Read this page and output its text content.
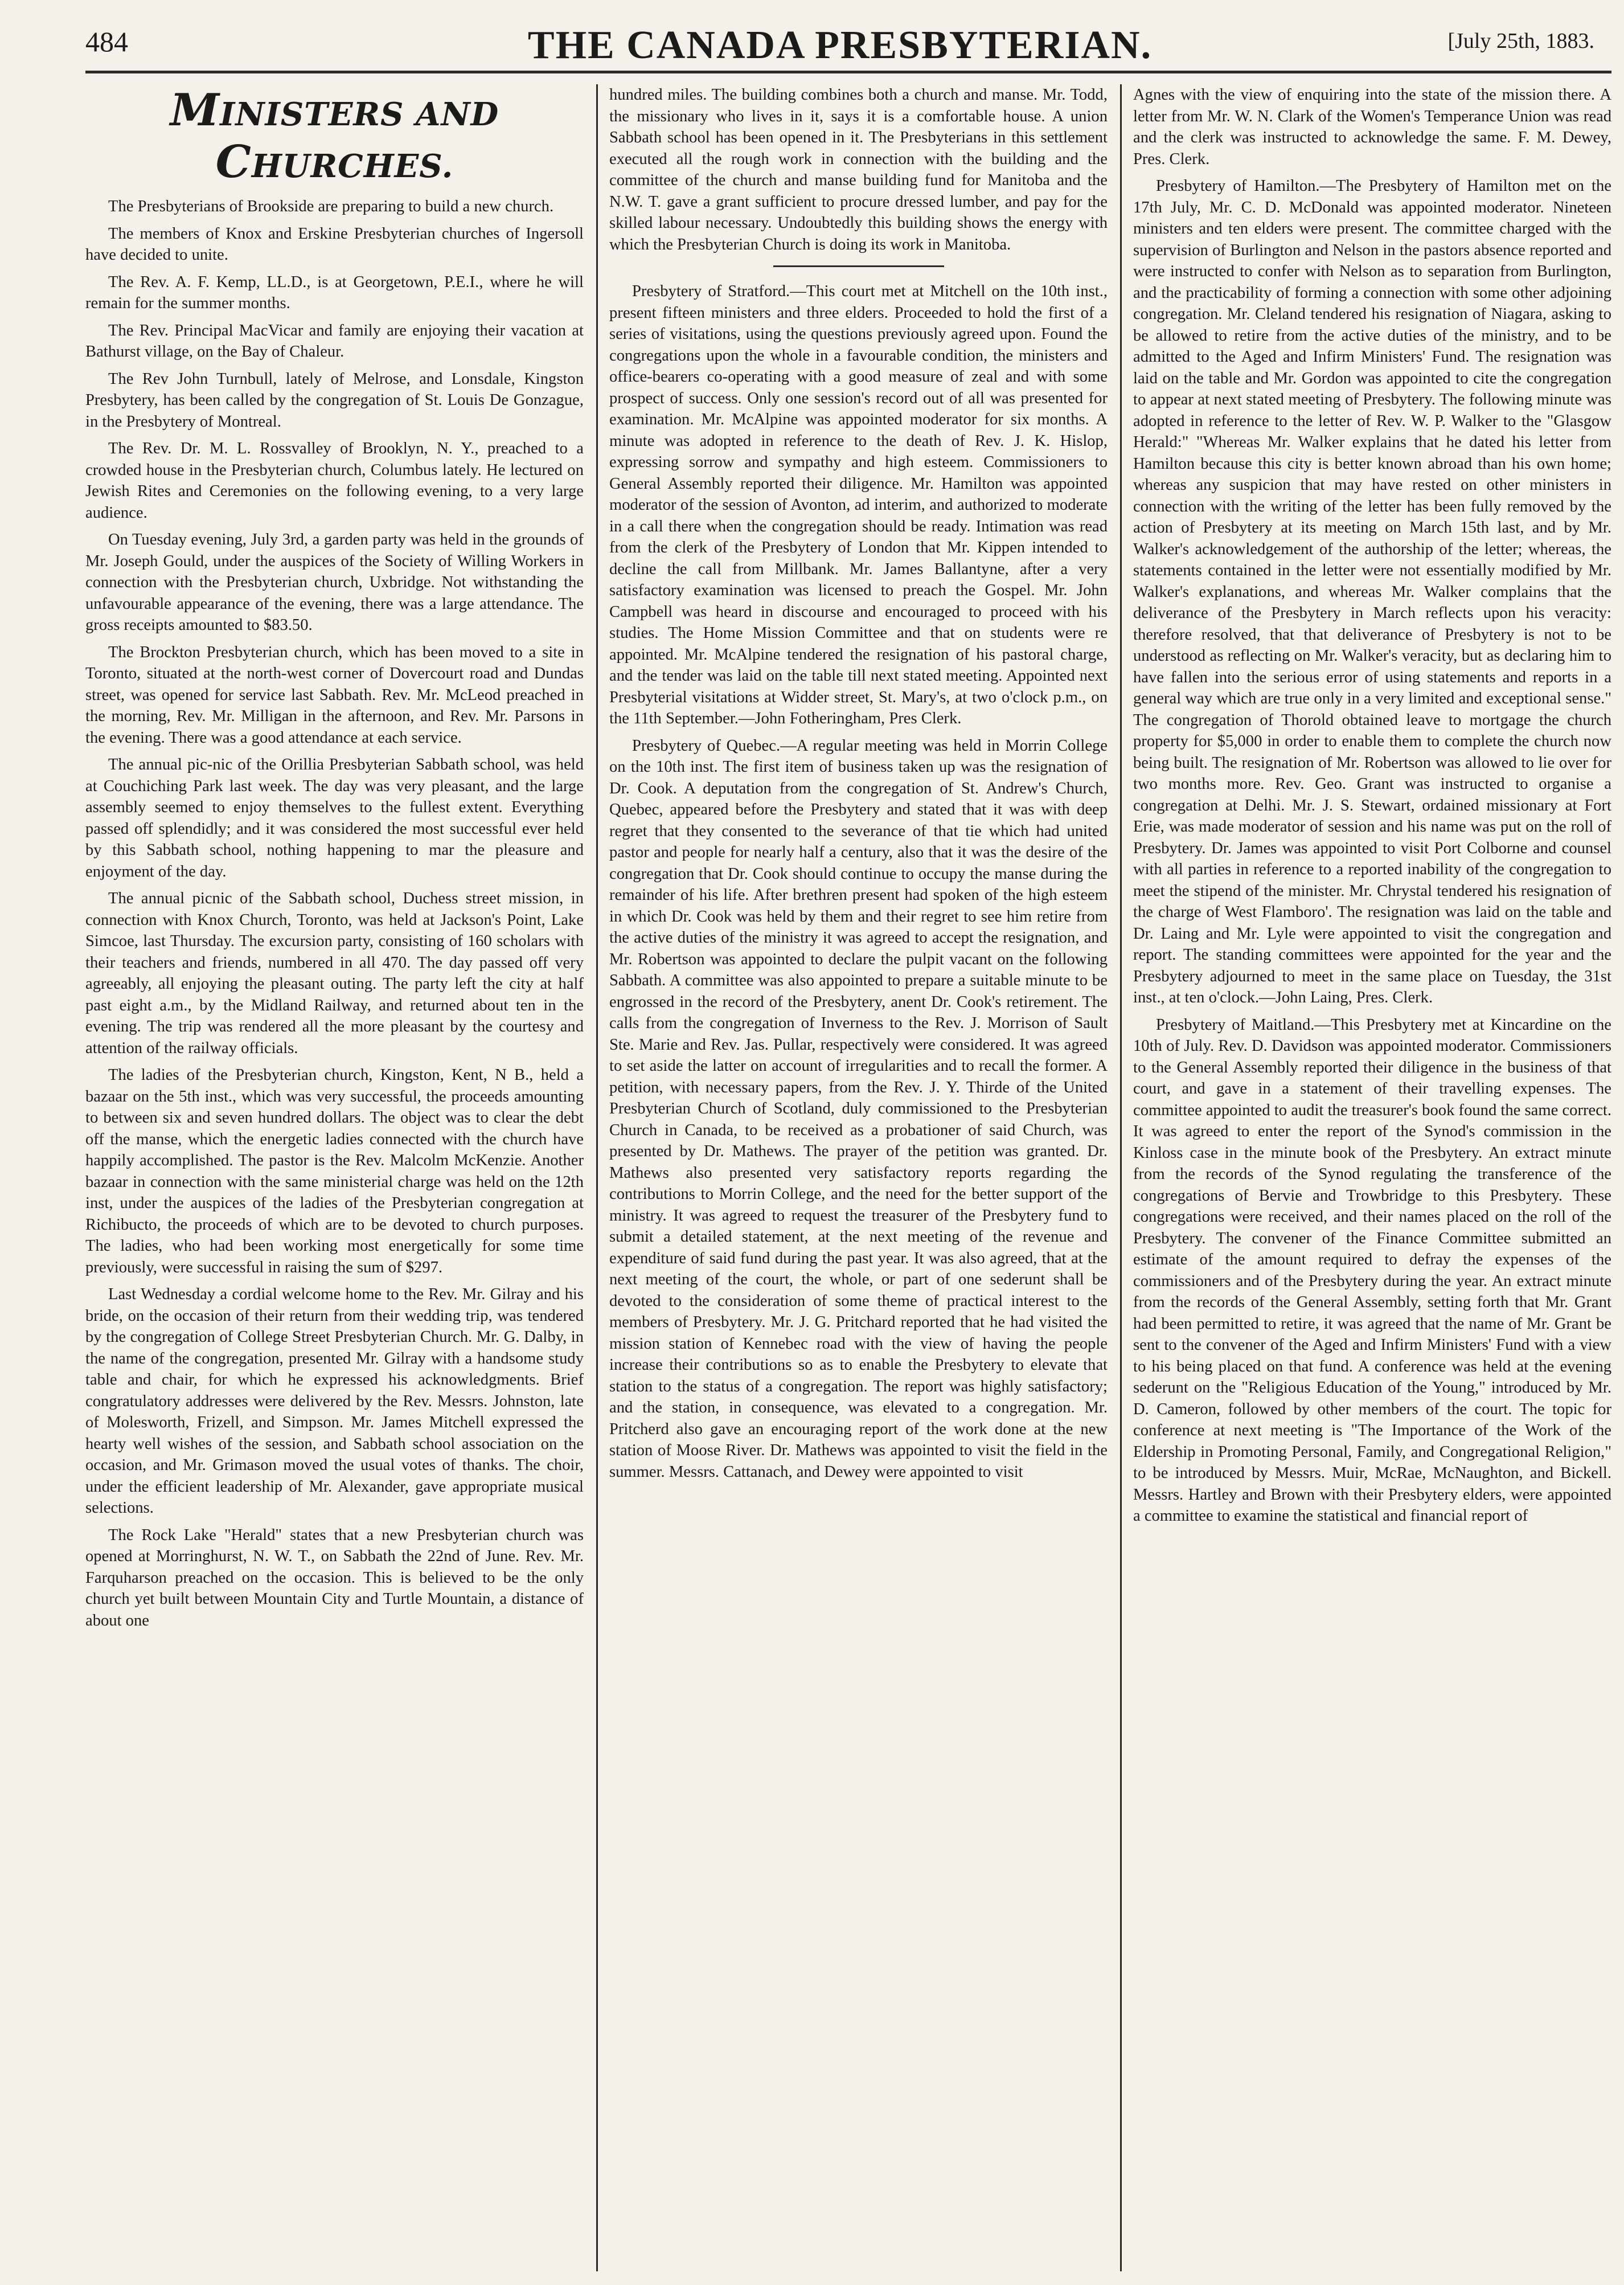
484	THE CANADA PRESBYTERIAN.	[July 25th, 1883.
MINISTERS AND CHURCHES.

The Presbyterians of Brookside are preparing to build a new church.

The members of Knox and Erskine Presbyterian churches of Ingersoll have decided to unite.

The Rev. A. F. Kemp, LL.D., is at Georgetown, P.E.I., where he will remain for the summer months.

The Rev. Principal MacVicar and family are enjoying their vacation at Bathurst village, on the Bay of Chaleur.

The Rev John Turnbull, lately of Melrose, and Lonsdale, Kingston Presbytery, has been called by the congregation of St. Louis De Gonzague, in the Presbytery of Montreal.

The Rev. Dr. M. L. Rossvalley of Brooklyn, N. Y., preached to a crowded house in the Presbyterian church, Columbus lately. He lectured on Jewish Rites and Ceremonies on the following evening, to a very large audience.

On Tuesday evening, July 3rd, a garden party was held in the grounds of Mr. Joseph Gould, under the auspices of the Society of Willing Workers in connection with the Presbyterian church, Uxbridge. Not withstanding the unfavourable appearance of the evening, there was a large attendance. The gross receipts amounted to $83.50.

The Brockton Presbyterian church, which has been moved to a site in Toronto, situated at the north-west corner of Dovercourt road and Dundas street, was opened for service last Sabbath. Rev. Mr. McLeod preached in the morning, Rev. Mr. Milligan in the afternoon, and Rev. Mr. Parsons in the evening. There was a good attendance at each service.

The annual pic-nic of the Orillia Presbyterian Sabbath school, was held at Couchiching Park last week. The day was very pleasant, and the large assembly seemed to enjoy themselves to the fullest extent. Everything passed off splendidly; and it was considered the most successful ever held by this Sabbath school, nothing happening to mar the pleasure and enjoyment of the day.

The annual picnic of the Sabbath school, Duchess street mission, in connection with Knox Church, Toronto, was held at Jackson's Point, Lake Simcoe, last Thursday. The excursion party, consisting of 160 scholars with their teachers and friends, numbered in all 470. The day passed off very agreeably, all enjoying the pleasant outing. The party left the city at half past eight a.m., by the Midland Railway, and returned about ten in the evening. The trip was rendered all the more pleasant by the courtesy and attention of the railway officials.

The ladies of the Presbyterian church, Kingston, Kent, N B., held a bazaar on the 5th inst., which was very successful, the proceeds amounting to between six and seven hundred dollars. The object was to clear the debt off the manse, which the energetic ladies connected with the church have happily accomplished. The pastor is the Rev. Malcolm McKenzie. Another bazaar in connection with the same ministerial charge was held on the 12th inst, under the auspices of the ladies of the Presbyterian congregation at Richibucto, the proceeds of which are to be devoted to church purposes. The ladies, who had been working most energetically for some time previously, were successful in raising the sum of $297.

Last Wednesday a cordial welcome home to the Rev. Mr. Gilray and his bride, on the occasion of their return from their wedding trip, was tendered by the congregation of College Street Presbyterian Church. Mr. G. Dalby, in the name of the congregation, presented Mr. Gilray with a handsome study table and chair, for which he expressed his acknowledgments. Brief congratulatory addresses were delivered by the Rev. Messrs. Johnston, late of Molesworth, Frizell, and Simpson. Mr. James Mitchell expressed the hearty well wishes of the session, and Sabbath school association on the occasion, and Mr. Grimason moved the usual votes of thanks. The choir, under the efficient leadership of Mr. Alexander, gave appropriate musical selections.

The Rock Lake "Herald" states that a new Presbyterian church was opened at Morringhurst, N. W. T., on Sabbath the 22nd of June. Rev. Mr. Farquharson preached on the occasion. This is believed to be the only church yet built between Mountain City and Turtle Mountain, a distance of about one

hundred miles. The building combines both a church and manse. Mr. Todd, the missionary who lives in it, says it is a comfortable house. A union Sabbath school has been opened in it. The Presbyterians in this settlement executed all the rough work in connection with the building and the committee of the church and manse building fund for Manitoba and the N.W. T. gave a grant sufficient to procure dressed lumber, and pay for the skilled labour necessary. Undoubtedly this building shows the energy with which the Presbyterian Church is doing its work in Manitoba.

Presbytery of Stratford.—This court met at Mitchell on the 10th inst., present fifteen ministers and three elders. Proceeded to hold the first of a series of visitations, using the questions previously agreed upon. Found the congregations upon the whole in a favourable condition, the ministers and office-bearers co-operating with a good measure of zeal and with some prospect of success. Only one session's record out of all was presented for examination. Mr. McAlpine was appointed moderator for six months. A minute was adopted in reference to the death of Rev. J. K. Hislop, expressing sorrow and sympathy and high esteem. Commissioners to General Assembly reported their diligence. Mr. Hamilton was appointed moderator of the session of Avonton, ad interim, and authorized to moderate in a call there when the congregation should be ready. Intimation was read from the clerk of the Presbytery of London that Mr. Kippen intended to decline the call from Millbank. Mr. James Ballantyne, after a very satisfactory examination was licensed to preach the Gospel. Mr. John Campbell was heard in discourse and encouraged to proceed with his studies. The Home Mission Committee and that on students were re appointed. Mr. McAlpine tendered the resignation of his pastoral charge, and the tender was laid on the table till next stated meeting. Appointed next Presbyterial visitations at Widder street, St. Mary's, at two o'clock p.m., on the 11th September.—John Fotheringham, Pres Clerk.

Presbytery of Quebec.—A regular meeting was held in Morrin College on the 10th inst. The first item of business taken up was the resignation of Dr. Cook. A deputation from the congregation of St. Andrew's Church, Quebec, appeared before the Presbytery and stated that it was with deep regret that they consented to the severance of that tie which had united pastor and people for nearly half a century, also that it was the desire of the congregation that Dr. Cook should continue to occupy the manse during the remainder of his life. After brethren present had spoken of the high esteem in which Dr. Cook was held by them and their regret to see him retire from the active duties of the ministry it was agreed to accept the resignation, and Mr. Robertson was appointed to declare the pulpit vacant on the following Sabbath. A committee was also appointed to prepare a suitable minute to be engrossed in the record of the Presbytery, anent Dr. Cook's retirement. The calls from the congregation of Inverness to the Rev. J. Morrison of Sault Ste. Marie and Rev. Jas. Pullar, respectively were considered. It was agreed to set aside the latter on account of irregularities and to recall the former. A petition, with necessary papers, from the Rev. J. Y. Thirde of the United Presbyterian Church of Scotland, duly commissioned to the Presbyterian Church in Canada, to be received as a probationer of said Church, was presented by Dr. Mathews. The prayer of the petition was granted. Dr. Mathews also presented very satisfactory reports regarding the contributions to Morrin College, and the need for the better support of the ministry. It was agreed to request the treasurer of the Presbytery fund to submit a detailed statement, at the next meeting of the revenue and expenditure of said fund during the past year. It was also agreed, that at the next meeting of the court, the whole, or part of one sederunt shall be devoted to the consideration of some theme of practical interest to the members of Presbytery. Mr. J. G. Pritchard reported that he had visited the mission station of Kennebec road with the view of having the people increase their contributions so as to enable the Presbytery to elevate that station to the status of a congregation. The report was highly satisfactory; and the station, in consequence, was elevated to a congregation. Mr. Pritcherd also gave an encouraging report of the work done at the new station of Moose River. Dr. Mathews was appointed to visit the field in the summer. Messrs. Cattanach, and Dewey were appointed to visit

Agnes with the view of enquiring into the state of the mission there. A letter from Mr. W. N. Clark of the Women's Temperance Union was read and the clerk was instructed to acknowledge the same. F. M. Dewey, Pres. Clerk.

Presbytery of Hamilton.—The Presbytery of Hamilton met on the 17th July, Mr. C. D. McDonald was appointed moderator. Nineteen ministers and ten elders were present. The committee charged with the supervision of Burlington and Nelson in the pastors absence reported and were instructed to confer with Nelson as to separation from Burlington, and the practicability of forming a connection with some other adjoining congregation. Mr. Cleland tendered his resignation of Niagara, asking to be allowed to retire from the active duties of the ministry, and to be admitted to the Aged and Infirm Ministers' Fund. The resignation was laid on the table and Mr. Gordon was appointed to cite the congregation to appear at next stated meeting of Presbytery. The following minute was adopted in reference to the letter of Rev. W. P. Walker to the "Glasgow Herald:" "Whereas Mr. Walker explains that he dated his letter from Hamilton because this city is better known abroad than his own home; whereas any suspicion that may have rested on other ministers in connection with the writing of the letter has been fully removed by the action of Presbytery at its meeting on March 15th last, and by Mr. Walker's acknowledgement of the authorship of the letter; whereas, the statements contained in the letter were not essentially modified by Mr. Walker's explanations, and whereas Mr. Walker complains that the deliverance of the Presbytery in March reflects upon his veracity: therefore resolved, that that deliverance of Presbytery is not to be understood as reflecting on Mr. Walker's veracity, but as declaring him to have fallen into the serious error of using statements and reports in a general way which are true only in a very limited and exceptional sense." The congregation of Thorold obtained leave to mortgage the church property for $5,000 in order to enable them to complete the church now being built. The resignation of Mr. Robertson was allowed to lie over for two months more. Rev. Geo. Grant was instructed to organise a congregation at Delhi. Mr. J. S. Stewart, ordained missionary at Fort Erie, was made moderator of session and his name was put on the roll of Presbytery. Dr. James was appointed to visit Port Colborne and counsel with all parties in reference to a reported inability of the congregation to meet the stipend of the minister. Mr. Chrystal tendered his resignation of the charge of West Flamboro'. The resignation was laid on the table and Dr. Laing and Mr. Lyle were appointed to visit the congregation and report. The standing committees were appointed for the year and the Presbytery adjourned to meet in the same place on Tuesday, the 31st inst., at ten o'clock.—John Laing, Pres. Clerk.

Presbytery of Maitland.—This Presbytery met at Kincardine on the 10th of July. Rev. D. Davidson was appointed moderator. Commissioners to the General Assembly reported their diligence in the business of that court, and gave in a statement of their travelling expenses. The committee appointed to audit the treasurer's book found the same correct. It was agreed to enter the report of the Synod's commission in the Kinloss case in the minute book of the Presbytery. An extract minute from the records of the Synod regulating the transference of the congregations of Bervie and Trowbridge to this Presbytery. These congregations were received, and their names placed on the roll of the Presbytery. The convener of the Finance Committee submitted an estimate of the amount required to defray the expenses of the commissioners and of the Presbytery during the year. An extract minute from the records of the General Assembly, setting forth that Mr. Grant had been permitted to retire, it was agreed that the name of Mr. Grant be sent to the convener of the Aged and Infirm Ministers' Fund with a view to his being placed on that fund. A conference was held at the evening sederunt on the "Religious Education of the Young," introduced by Mr. D. Cameron, followed by other members of the court. The topic for conference at next meeting is "The Importance of the Work of the Eldership in Promoting Personal, Family, and Congregational Religion," to be introduced by Messrs. Muir, McRae, McNaughton, and Bickell. Messrs. Hartley and Brown with their Presbytery elders, were appointed a committee to examine the statistical and financial report of
